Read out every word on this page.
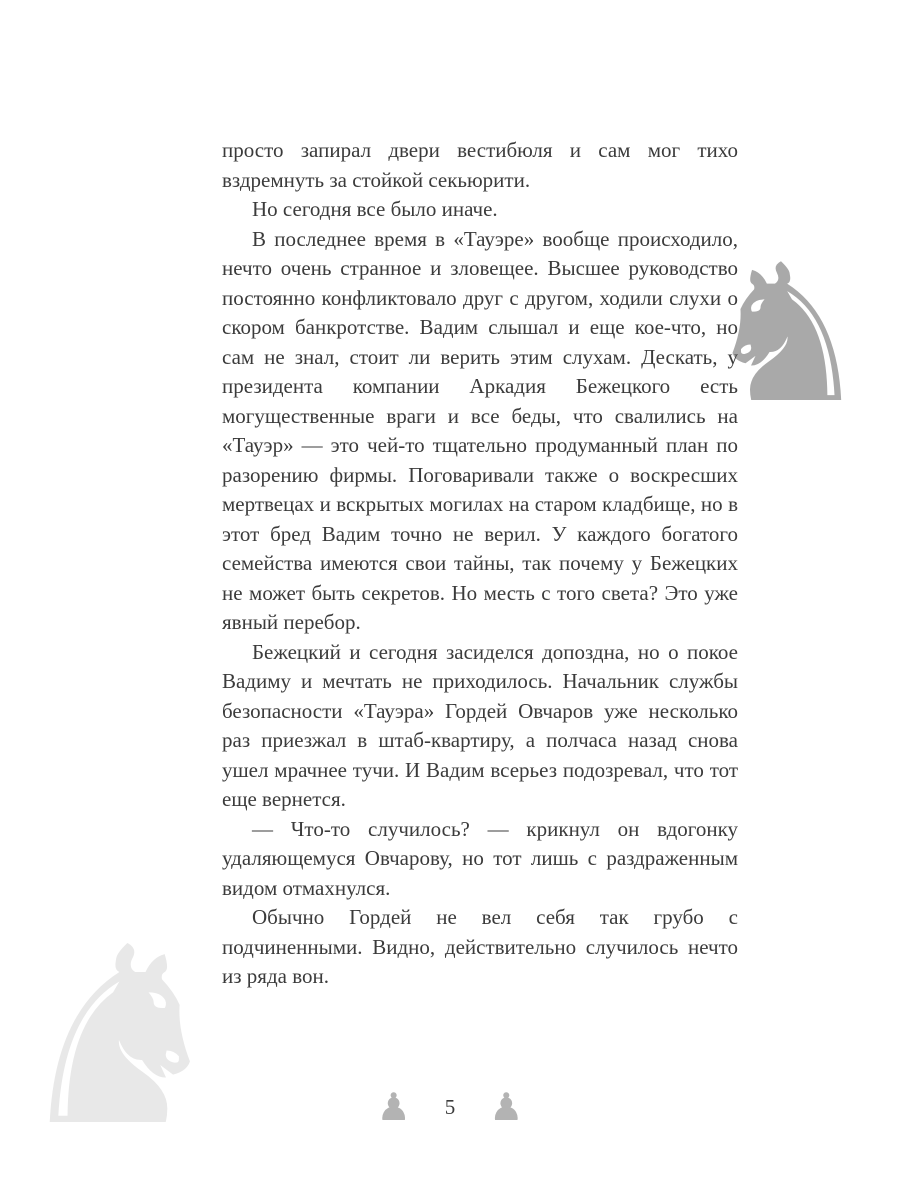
♞
♞

просто запирал двери вестибюля и сам мог тихо вздремнуть за стойкой секьюрити.

Но сегодня все было иначе.

В последнее время в «Тауэре» вообще происходило, нечто очень странное и зловещее. Высшее руководство постоянно конфликтовало друг с другом, ходили слухи о скором банкротстве. Вадим слышал и еще кое-что, но сам не знал, стоит ли верить этим слухам. Дескать, у президента компании Аркадия Бежецкого есть могущественные враги и все беды, что свалились на «Тауэр» — это чей-то тщательно продуманный план по разорению фирмы. Поговаривали также о воскресших мертвецах и вскрытых могилах на старом кладбище, но в этот бред Вадим точно не верил. У каждого богатого семейства имеются свои тайны, так почему у Бежецких не может быть секретов. Но месть с того света? Это уже явный перебор.

Бежецкий и сегодня засиделся допоздна, но о покое Вадиму и мечтать не приходилось. Начальник службы безопасности «Тауэра» Гордей Овчаров уже несколько раз приезжал в штаб-квартиру, а полчаса назад снова ушел мрачнее тучи. И Вадим всерьез подозревал, что тот еще вернется.

— Что-то случилось? — крикнул он вдогонку удаляющемуся Овчарову, но тот лишь с раздраженным видом отмахнулся.

Обычно Гордей не вел себя так грубо с подчиненными. Видно, действительно случилось нечто из ряда вон.

♟ 5 ♟
